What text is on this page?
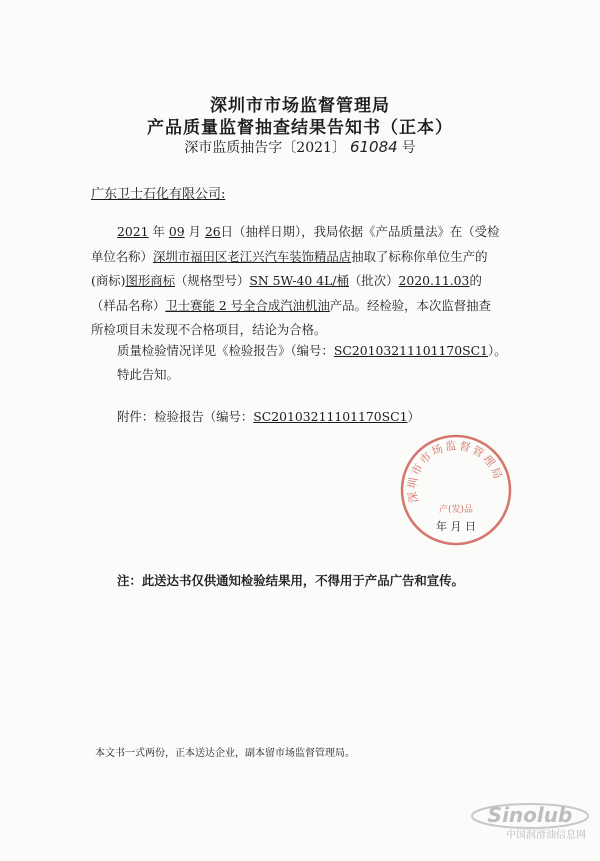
深圳市市场监督管理局
产品质量监督抽查结果告知书（正本）
深市监质抽告字〔2021〕 61084 号
广东卫士石化有限公司:
2021 年 09 月 26日（抽样日期），我局依据《产品质量法》在（受检单位名称）深圳市福田区老江兴汽车装饰精品店抽取了标称你单位生产的(商标)图形商标（规格型号）SN 5W-40 4L/桶（批次）2020.11.03的（样品名称）卫士赛能 2 号全合成汽油机油产品。经检验，本次监督抽查所检项目未发现不合格项目，结论为合格。
质量检验情况详见《检验报告》（编号：SC20103211101170SC1）。
特此告知。
附件：检验报告（编号：SC20103211101170SC1）
深圳市市场监督管理局
产(发)品
年 月 日
注：此送达书仅供通知检验结果用，不得用于产品广告和宣传。
本文书一式两份，正本送达企业，副本留市场监督管理局。
Sinolub
中国润滑油信息网
